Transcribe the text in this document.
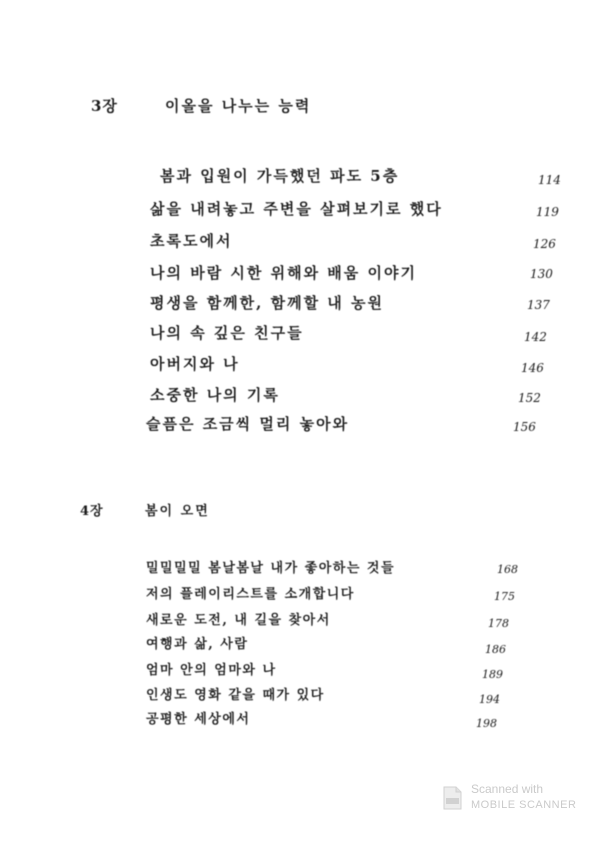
3장	이올을 나누는 능력
봄과 입원이 가득했던 파도 5층	114
삶을 내려놓고 주변을 살펴보기로 했다	119
초록도에서	126
나의 바람 시한 위해와 배움 이야기	130
평생을 함께한, 함께할 내 농원	137
나의 속 깊은 친구들	142
아버지와 나	146
소중한 나의 기록	152
슬픔은 조금씩 멀리 놓아와	156
4장	봄이 오면
밀밀밀밀 봄날봄날 내가 좋아하는 것들	168
저의 플레이리스트를 소개합니다	175
새로운 도전, 내 길을 찾아서	178
여행과 삶, 사람	186
엄마 안의 엄마와 나	189
인생도 영화 같을 때가 있다	194
공평한 세상에서	198
Scanned with
MOBILE SCANNER
